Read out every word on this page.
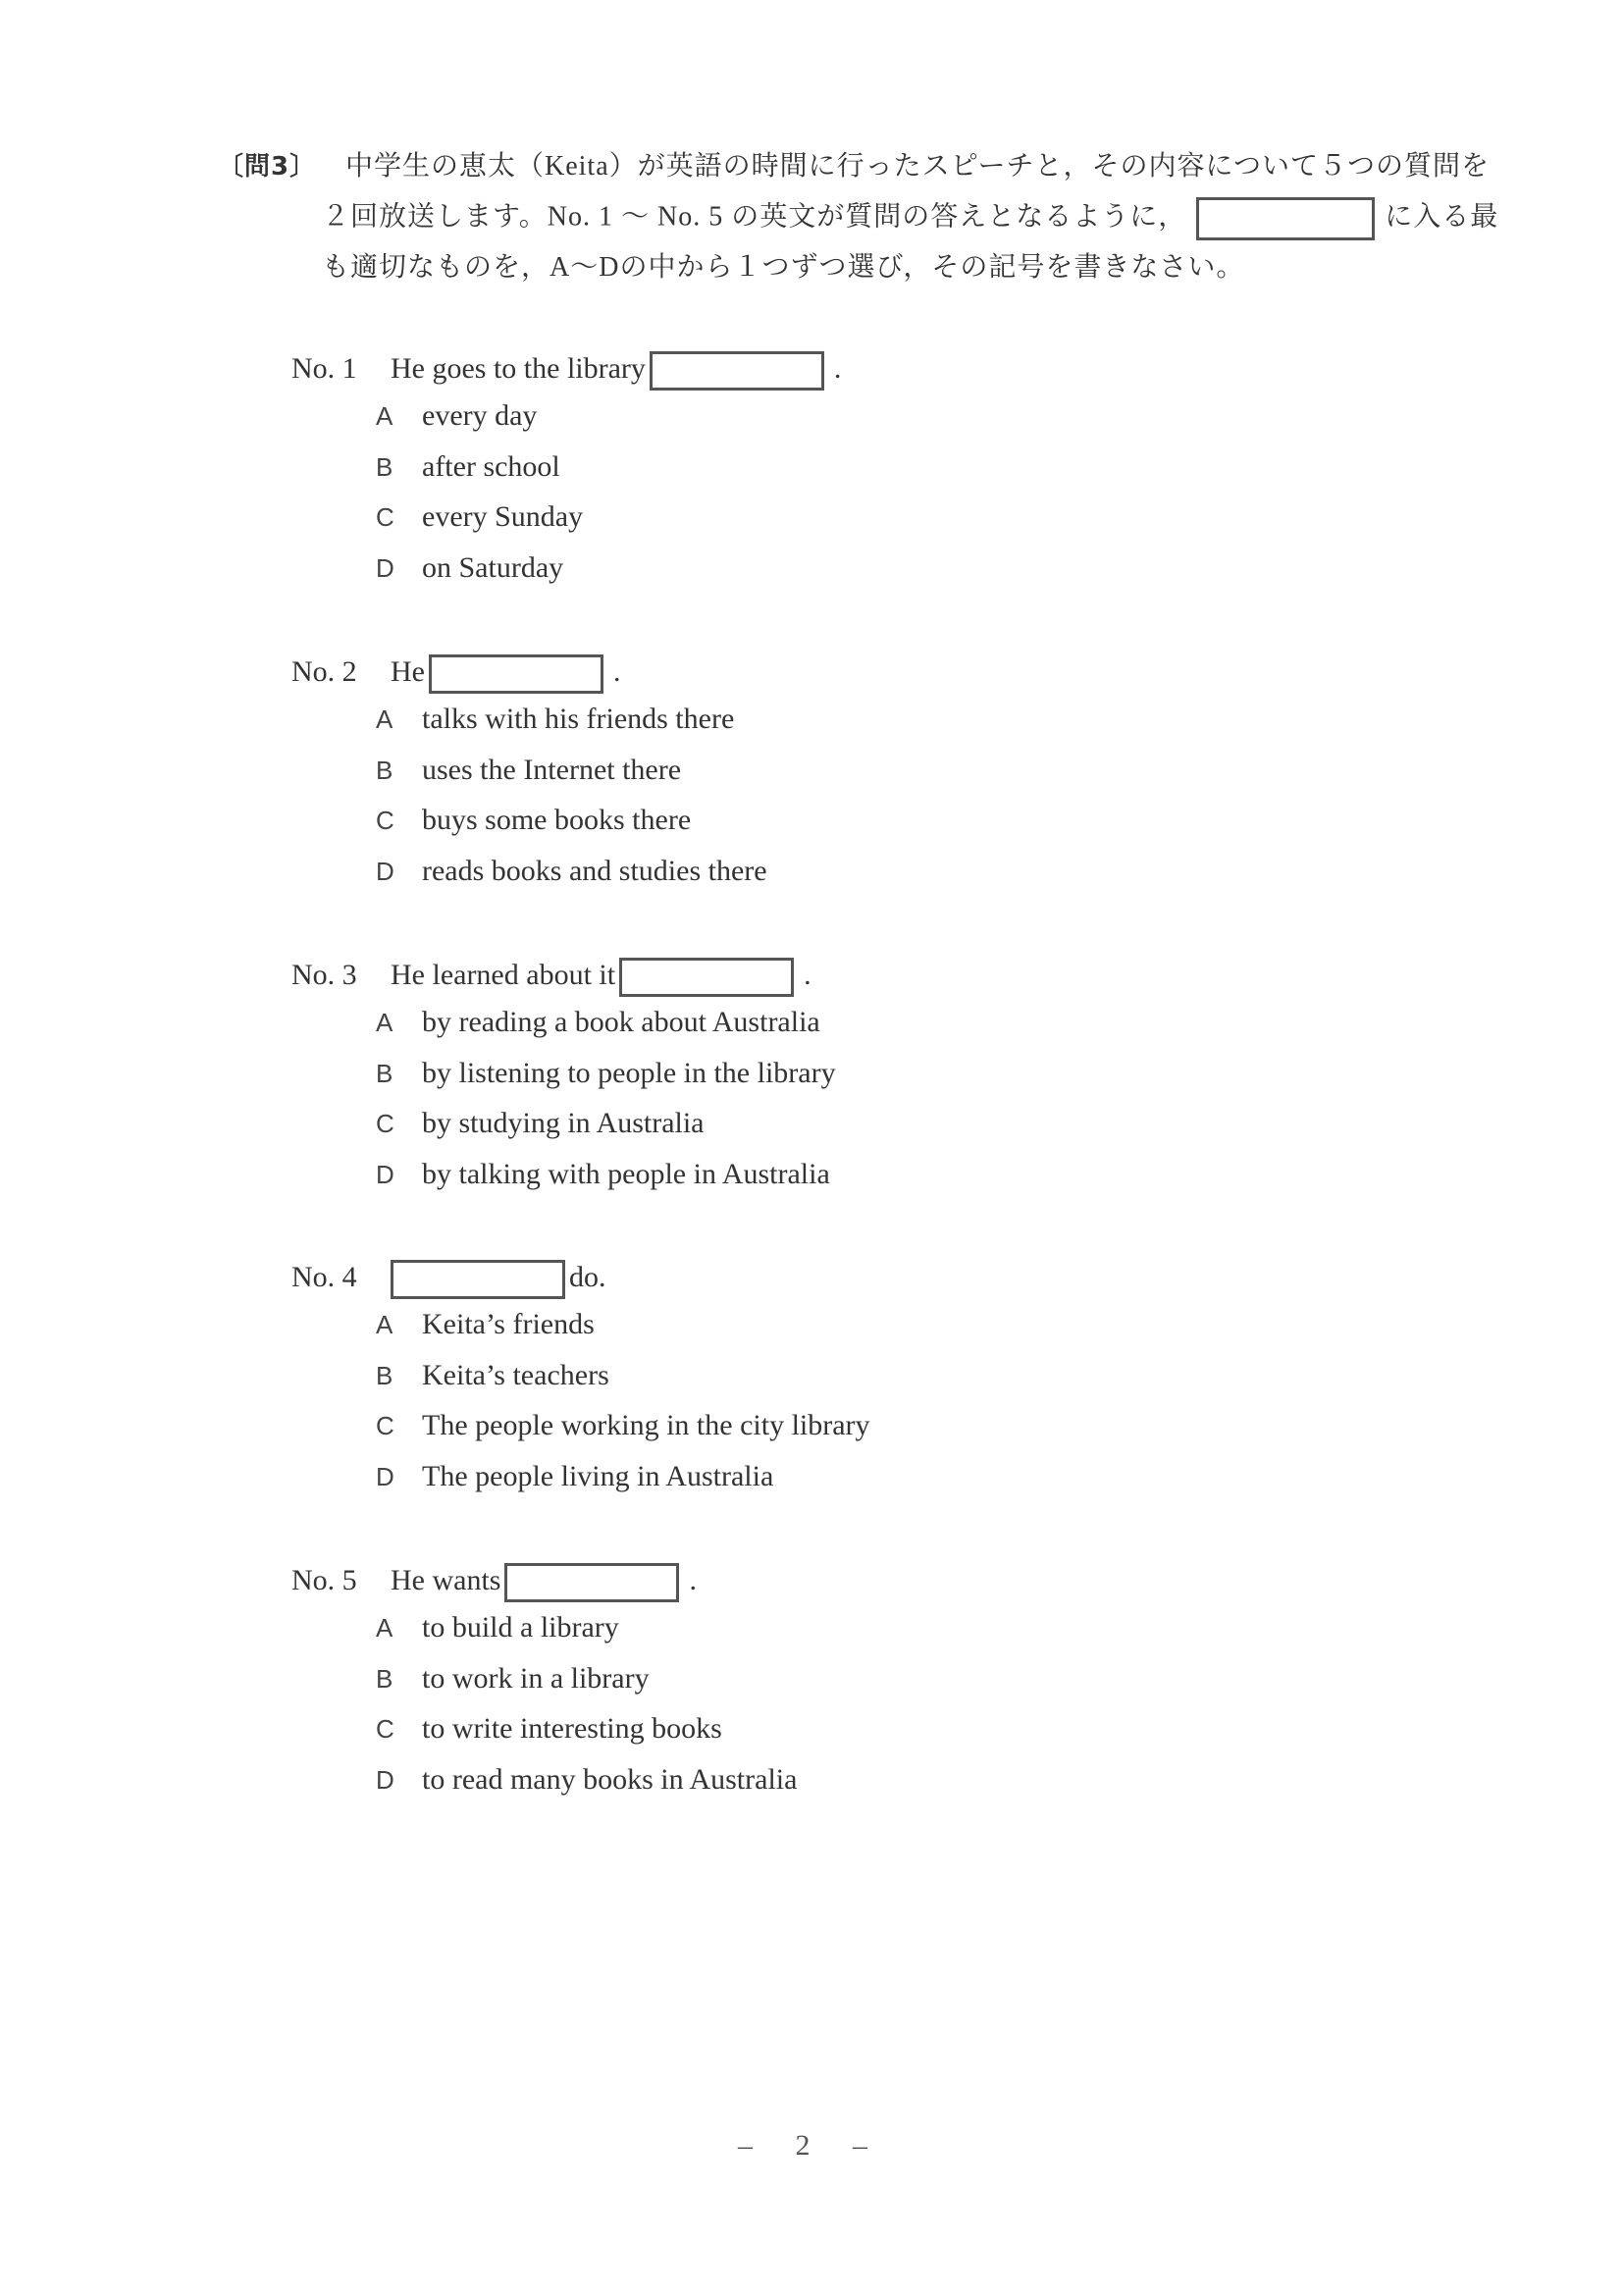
〔問3〕 中学生の恵太（Keita）が英語の時間に行ったスピーチと，その内容について５つの質問を
２回放送します。No. 1 ～ No. 5 の英文が質問の答えとなるように，	に入る最
も適切なものを，A～Dの中から１つずつ選び，その記号を書きなさい。
No. 1 He goes to the library	.
A every day
B after school
C every Sunday
D on Saturday
No. 2 He	.
A talks with his friends there
B uses the Internet there
C buys some books there
D reads books and studies there
No. 3 He learned about it	.
A by reading a book about Australia
B by listening to people in the library
C by studying in Australia
D by talking with people in Australia
No. 4	do.
A Keita’s friends
B Keita’s teachers
C The people working in the city library
D The people living in Australia
No. 5 He wants	.
A to build a library
B to work in a library
C to write interesting books
D to read many books in Australia
– 2 –
